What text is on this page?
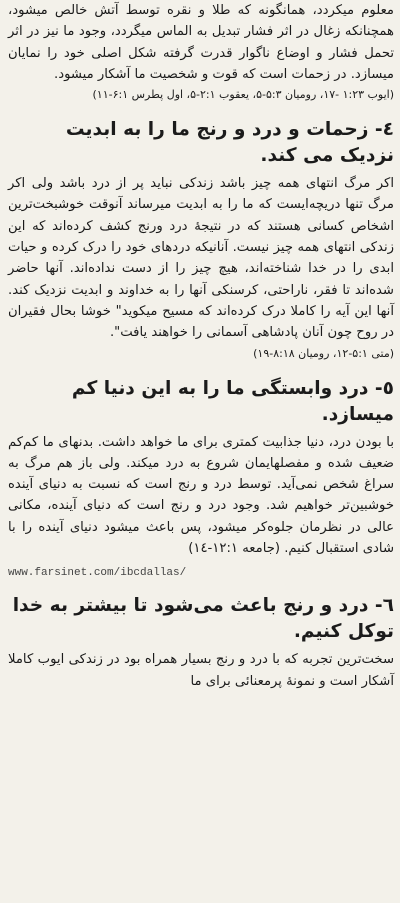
معلوم میکردد، همانگونه که طلا و نقره توسط آتش خالص میشود، همچنانکه زغال در اثر فشار تبدیل به الماس میگردد، وجود ما نیز در اثر تحمل فشار و اوضاع ناگوار قدرت گرفته شکل اصلی خود را نمایان میسازد. در زحمات است که قوت و شخصیت ما آشکار میشود.

(ایوب ۱:۲۳ -۱۷، رومیان ۵:۳-۵، یعقوب ۲:۱-۵، اول پطرس ۶:۱-۱۱)

٤- زحمات و درد و رنج ما را به ابدیت نزدیک می کند.

اکر مرگ انتهای همه چیز باشد زندکی نباید پر از درد باشد ولی اکر مرگ تنها دریچه‌ایست که ما را به ابدیت میرساند آنوقت خوشبخت‌ترین اشخاص کسانی هستند که در نتیجهٔ درد ورنج کشف کرده‌اند که این زندکی انتهای همه چیز نیست. آنانیکه دردهای خود را درک کرده و حیات ابدی را در خدا شناخته‌اند، هیچ چیز را از دست نداده‌اند. آنها حاضر شده‌اند تا فقر، ناراحتی، کرسنکی آنها را به خداوند و ابدیت نزدیک کند. آنها این آیه را کاملا درک کرده‌اند که مسیح میکوید" خوشا بحال فقیران در روح چون آنان پادشاهی آسمانی را خواهند یافت".

(متی ۵:۱-۱۲، رومیان ۸:۱۸-۱۹)

٥- درد وابستگی ما را به این دنیا کم میسازد.

با بودن درد، دنیا جذابیت کمتری برای ما خواهد داشت. بدنهای ما کم‌کم ضعیف شده و مفصلهایمان شروع به درد میکند. ولی باز هم مرگ به سراغ شخص نمی‌آید. توسط درد و رنج است که نسبت به دنیای آینده خوشبین‌تر خواهیم شد. وجود درد و رنج است که دنیای آینده، مکانی عالی در نظرمان جلوه‌کر میشود، پس باعث میشود دنیای آینده را با شادی استقبال کنیم. (جامعه ۱۲:۱-۱٤)

www.farsinet.com/ibcdallas/

٦- درد و رنج باعث می‌شود تا بیشتر به خدا توکل کنیم.

سخت‌ترین تجربه که با درد و رنج بسیار همراه بود در زندکی ایوب کاملا آشکار است و نمونهٔ پرمعنائی برای ما
